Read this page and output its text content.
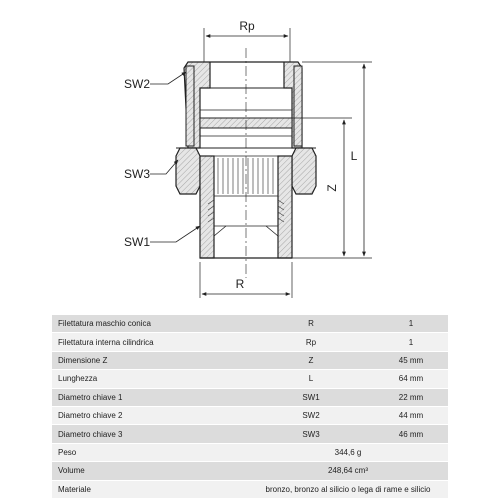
Rp
R
L
Z
SW2
SW3
SW1
Filettatura maschio conica	R	1
Filettatura interna cilindrica	Rp	1
Dimensione Z	Z	45 mm
Lunghezza	L	64 mm
Diametro chiave 1	SW1	22 mm
Diametro chiave 2	SW2	44 mm
Diametro chiave 3	SW3	46 mm
Peso	344,6 g	
Volume	248,64 cm³	
Materiale	bronzo, bronzo al silicio o lega di rame e silicio	
